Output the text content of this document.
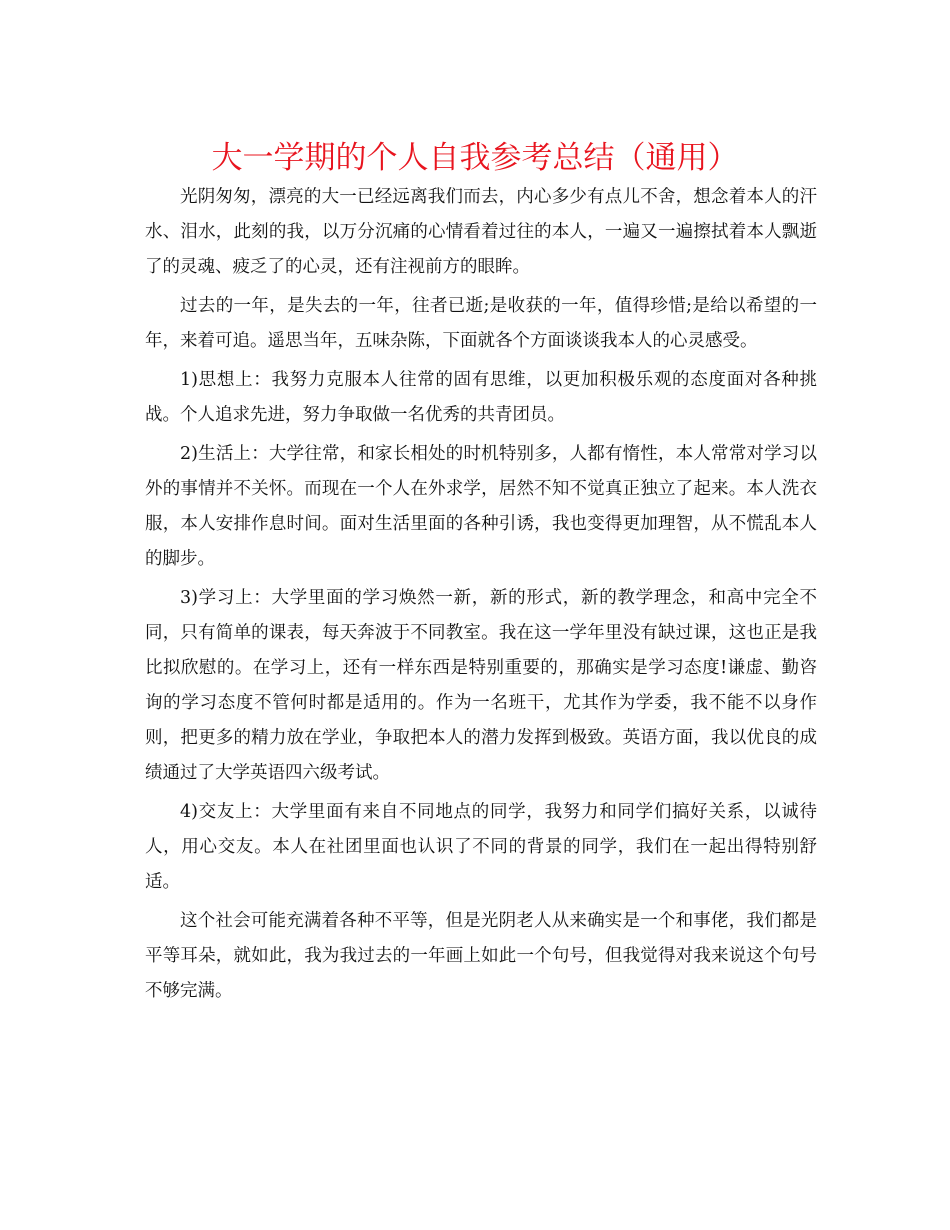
大一学期的个人自我参考总结（通用）

光阴匆匆，漂亮的大一已经远离我们而去，内心多少有点儿不舍，想念着本人的汗水、泪水，此刻的我，以万分沉痛的心情看着过往的本人，一遍又一遍擦拭着本人飘逝了的灵魂、疲乏了的心灵，还有注视前方的眼眸。

过去的一年，是失去的一年，往者已逝;是收获的一年，值得珍惜;是给以希望的一年，来着可追。遥思当年，五味杂陈，下面就各个方面谈谈我本人的心灵感受。

1)思想上：我努力克服本人往常的固有思维，以更加积极乐观的态度面对各种挑战。个人追求先进，努力争取做一名优秀的共青团员。

2)生活上：大学往常，和家长相处的时机特别多，人都有惰性，本人常常对学习以外的事情并不关怀。而现在一个人在外求学，居然不知不觉真正独立了起来。本人洗衣服，本人安排作息时间。面对生活里面的各种引诱，我也变得更加理智，从不慌乱本人的脚步。

3)学习上：大学里面的学习焕然一新，新的形式，新的教学理念，和高中完全不同，只有简单的课表，每天奔波于不同教室。我在这一学年里没有缺过课，这也正是我比拟欣慰的。在学习上，还有一样东西是特别重要的，那确实是学习态度!谦虚、勤咨询的学习态度不管何时都是适用的。作为一名班干，尤其作为学委，我不能不以身作则，把更多的精力放在学业，争取把本人的潜力发挥到极致。英语方面，我以优良的成绩通过了大学英语四六级考试。

4)交友上：大学里面有来自不同地点的同学，我努力和同学们搞好关系，以诚待人，用心交友。本人在社团里面也认识了不同的背景的同学，我们在一起出得特别舒适。

这个社会可能充满着各种不平等，但是光阴老人从来确实是一个和事佬，我们都是平等耳朵，就如此，我为我过去的一年画上如此一个句号，但我觉得对我来说这个句号不够完满。
